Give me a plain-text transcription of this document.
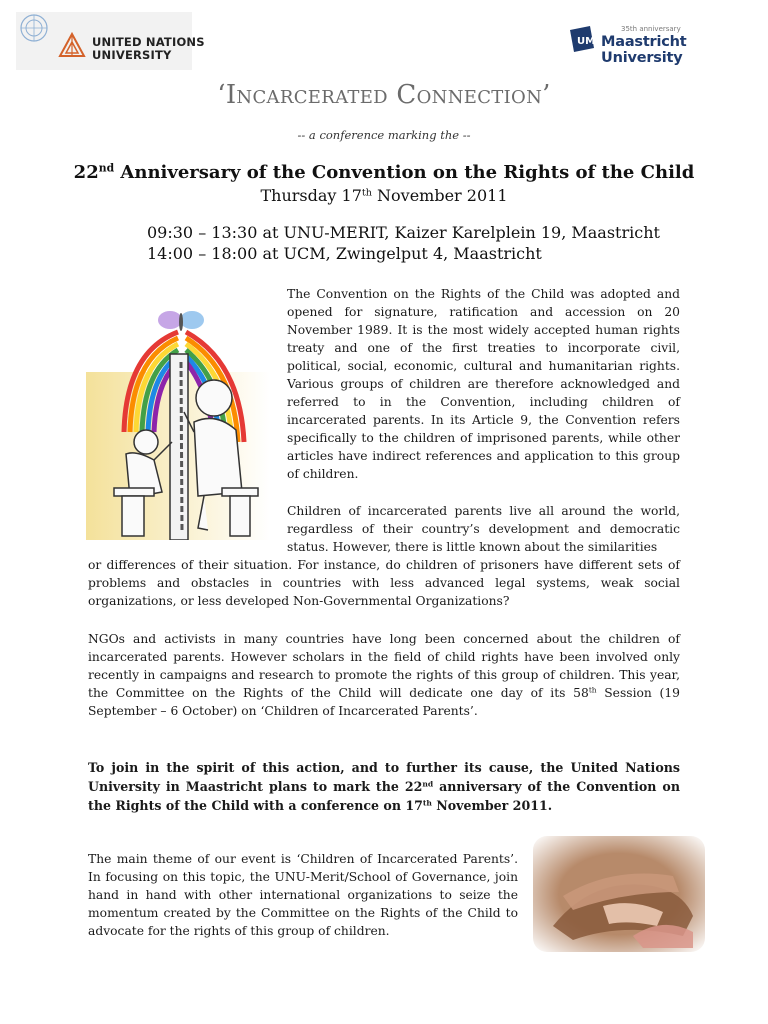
UNITED NATIONS
UNIVERSITY
UM
35th anniversary
Maastricht University
‘Incarcerated Connection’
-- a conference marking the --
22nd Anniversary of the Convention on the Rights of the Child
Thursday 17th November 2011
09:30 – 13:30 at UNU-MERIT, Kaizer Karelplein 19, Maastricht
14:00 – 18:00 at UCM, Zwingelput 4, Maastricht
The Convention on the Rights of the Child was adopted and opened for signature, ratification and accession on 20 November 1989. It is the most widely accepted human rights treaty and one of the first treaties to incorporate civil, political, social, economic, cultural and humanitarian rights. Various groups of children are therefore acknowledged and referred to in the Convention, including children of incarcerated parents. In its Article 9, the Convention refers specifically to the children of imprisoned parents, while other articles have indirect references and application to this group of children.
Children of incarcerated parents live all around the world, regardless of their country’s development and democratic status. However, there is little known about the similarities
or differences of their situation. For instance, do children of prisoners have different sets of problems and obstacles in countries with less advanced legal systems, weak social organizations, or less developed Non-Governmental Organizations?
NGOs and activists in many countries have long been concerned about the children of incarcerated parents. However scholars in the field of child rights have been involved only recently in campaigns and research to promote the rights of this group of children. This year, the Committee on the Rights of the Child will dedicate one day of its 58th Session (19 September – 6 October) on ‘Children of Incarcerated Parents’.
To join in the spirit of this action, and to further its cause, the United Nations University in Maastricht plans to mark the 22nd anniversary of the Convention on the Rights of the Child with a conference on 17th November 2011.
The main theme of our event is ‘Children of Incarcerated Parents’. In focusing on this topic, the UNU-Merit/School of Governance, join hand in hand with other international organizations to seize the momentum created by the Committee on the Rights of the Child to advocate for the rights of this group of children.
